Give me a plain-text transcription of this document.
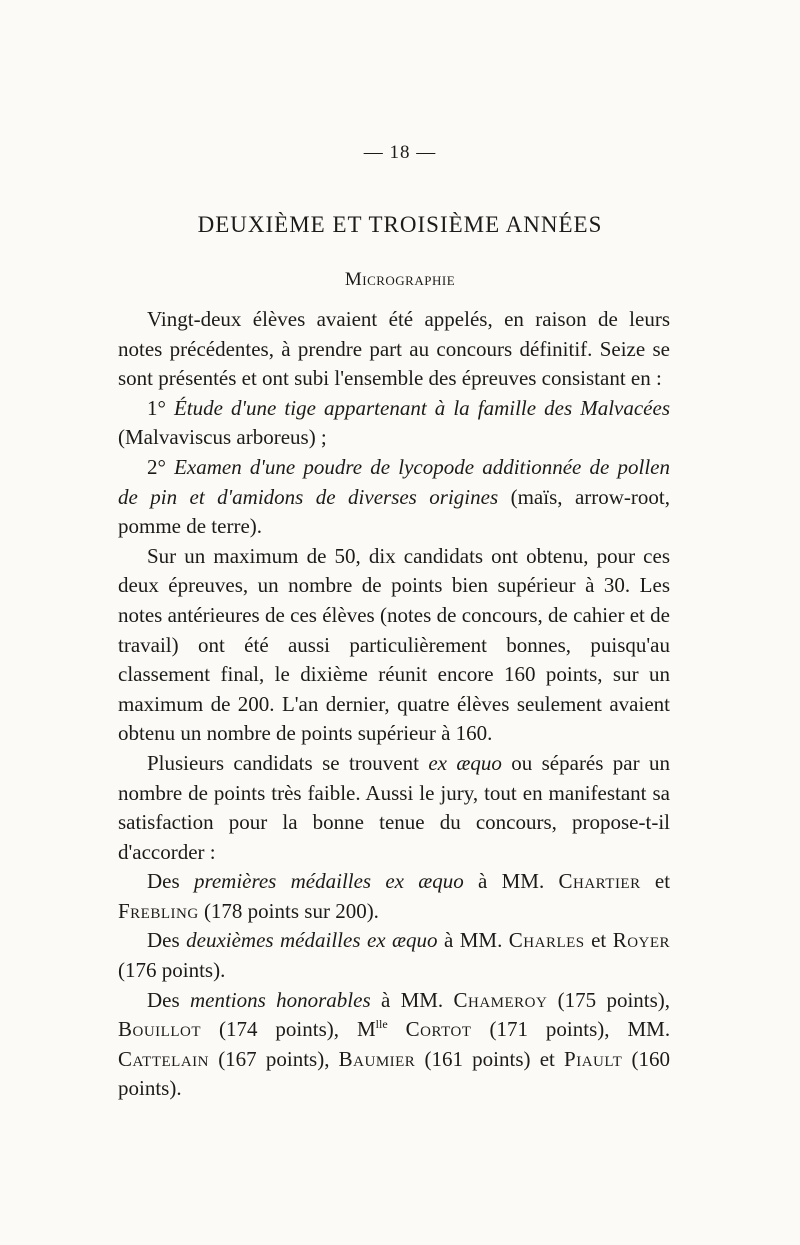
— 18 —
DEUXIÈME ET TROISIÈME ANNÉES
Micrographie

Vingt-deux élèves avaient été appelés, en raison de leurs notes précédentes, à prendre part au concours définitif. Seize se sont présentés et ont subi l'ensemble des épreuves consistant en :

1° Étude d'une tige appartenant à la famille des Malvacées (Malvaviscus arboreus) ;

2° Examen d'une poudre de lycopode additionnée de pollen de pin et d'amidons de diverses origines (maïs, arrow-root, pomme de terre).

Sur un maximum de 50, dix candidats ont obtenu, pour ces deux épreuves, un nombre de points bien supérieur à 30. Les notes antérieures de ces élèves (notes de concours, de cahier et de travail) ont été aussi particulièrement bonnes, puisqu'au classement final, le dixième réunit encore 160 points, sur un maximum de 200. L'an dernier, quatre élèves seulement avaient obtenu un nombre de points supérieur à 160.

Plusieurs candidats se trouvent ex æquo ou séparés par un nombre de points très faible. Aussi le jury, tout en manifestant sa satisfaction pour la bonne tenue du concours, propose-t-il d'accorder :

Des premières médailles ex æquo à MM. Chartier et Frebling (178 points sur 200).

Des deuxièmes médailles ex æquo à MM. Charles et Royer (176 points).

Des mentions honorables à MM. Chameroy (175 points), Bouillot (174 points), $M^{lle}$ Cortot (171 points), MM. Cattelain (167 points), Baumier (161 points) et Piault (160 points).
